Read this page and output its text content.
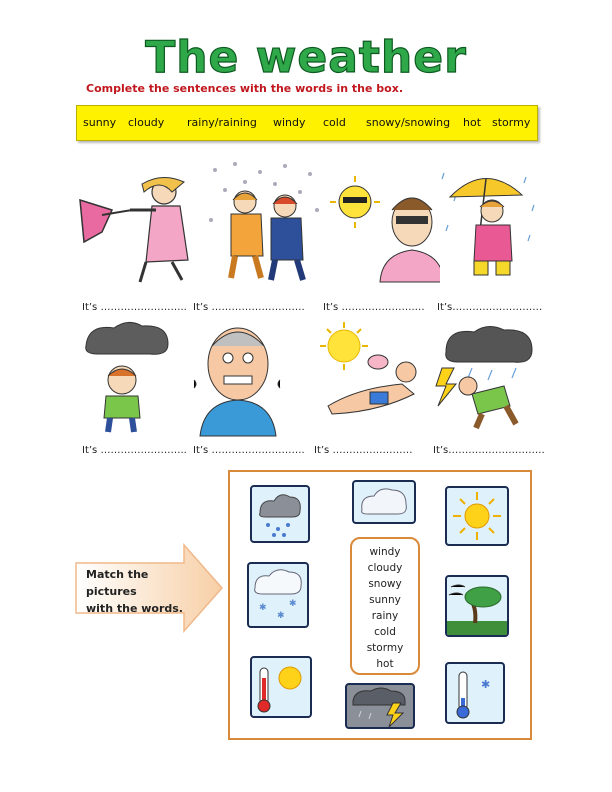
The weather
Complete the sentences with the words in the box.
sunny cloudy rainy/raining windy cold snowy/snowing hot stormy
It’s …………………….. It’s ………………………. It’s ………………….… It’s………………………
It’s …………………….. It’s ………………………. It’s …………………… It’s………………………..
Match the pictures
with the words.	✱
✱
✱
✱
windy
cloudy
snowy
sunny
rainy
cold
stormy
hot
